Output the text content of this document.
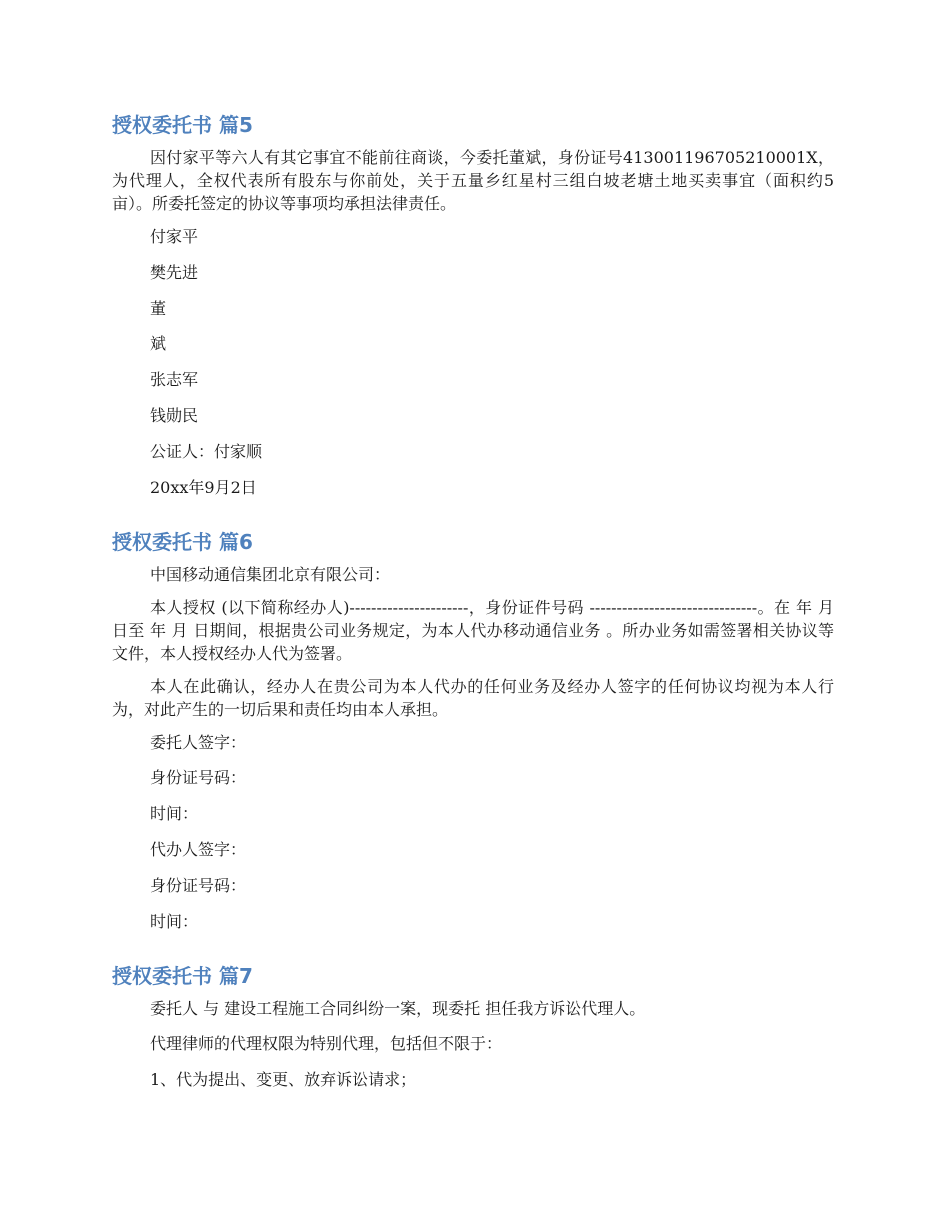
授权委托书 篇5

因付家平等六人有其它事宜不能前往商谈，今委托董斌，身份证号413001196705210001X，为代理人，全权代表所有股东与你前处，关于五量乡红星村三组白坡老塘土地买卖事宜（面积约5亩）。所委托签定的协议等事项均承担法律责任。

付家平

樊先进

董

斌

张志军

钱勋民

公证人：付家顺

20xx年9月2日

授权委托书 篇6

中国移动通信集团北京有限公司：

本人授权 (以下简称经办人)----------------------，身份证件号码 -------------------------------。在 年 月 日至 年 月 日期间，根据贵公司业务规定，为本人代办移动通信业务 。所办业务如需签署相关协议等文件，本人授权经办人代为签署。

本人在此确认，经办人在贵公司为本人代办的任何业务及经办人签字的任何协议均视为本人行为，对此产生的一切后果和责任均由本人承担。

委托人签字：

身份证号码：

时间：

代办人签字：

身份证号码：

时间：

授权委托书 篇7

委托人 与 建设工程施工合同纠纷一案，现委托 担任我方诉讼代理人。

代理律师的代理权限为特别代理，包括但不限于：

1、代为提出、变更、放弃诉讼请求；
